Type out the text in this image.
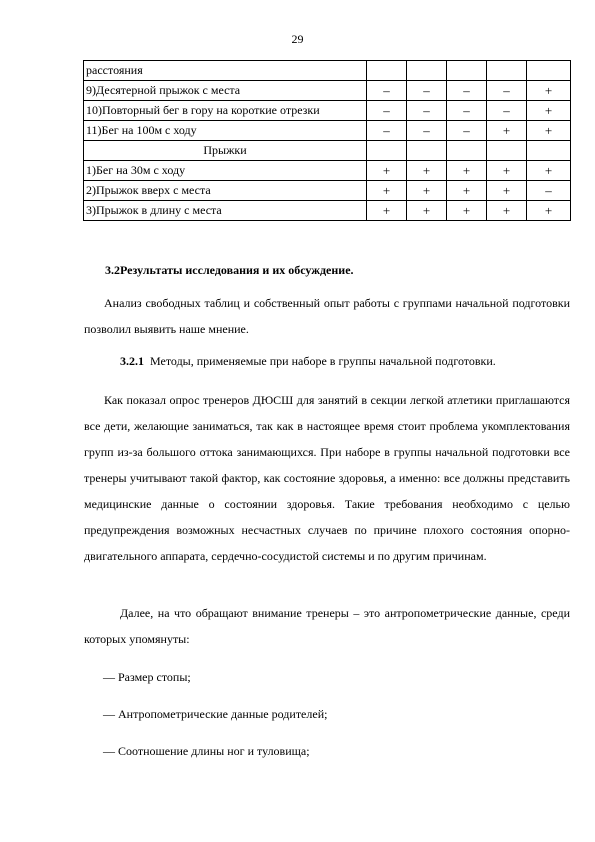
29
расстояния					
9)Десятерной прыжок с места	–	–	–	–	+
10)Повторный бег в гору на короткие отрезки	–	–	–	–	+
11)Бег на 100м с ходу	–	–	–	+	+
Прыжки					
1)Бег на 30м с ходу	+	+	+	+	+
2)Прыжок вверх с места	+	+	+	+	–
3)Прыжок в длину с места	+	+	+	+	+
3.2Результаты исследования и их обсуждение.
Анализ свободных таблиц и собственный опыт работы с группами начальной подготовки позволил выявить наше мнение.
3.2.1 Методы, применяемые при наборе в группы начальной подготовки.
Как показал опрос тренеров ДЮСШ для занятий в секции легкой атлетики приглашаются все дети, желающие заниматься, так как в настоящее время стоит проблема укомплектования групп из-за большого оттока занимающихся. При наборе в группы начальной подготовки все тренеры учитывают такой фактор, как состояние здоровья, а именно: все должны представить медицинские данные о состоянии здоровья. Такие требования необходимо с целью предупреждения возможных несчастных случаев по причине плохого состояния опорно-двигательного аппарата, сердечно-сосудистой системы и по другим причинам.
Далее, на что обращают внимание тренеры – это антропометрические данные, среди которых упомянуты:
— Размер стопы;
— Антропометрические данные родителей;
— Соотношение длины ног и туловища;
